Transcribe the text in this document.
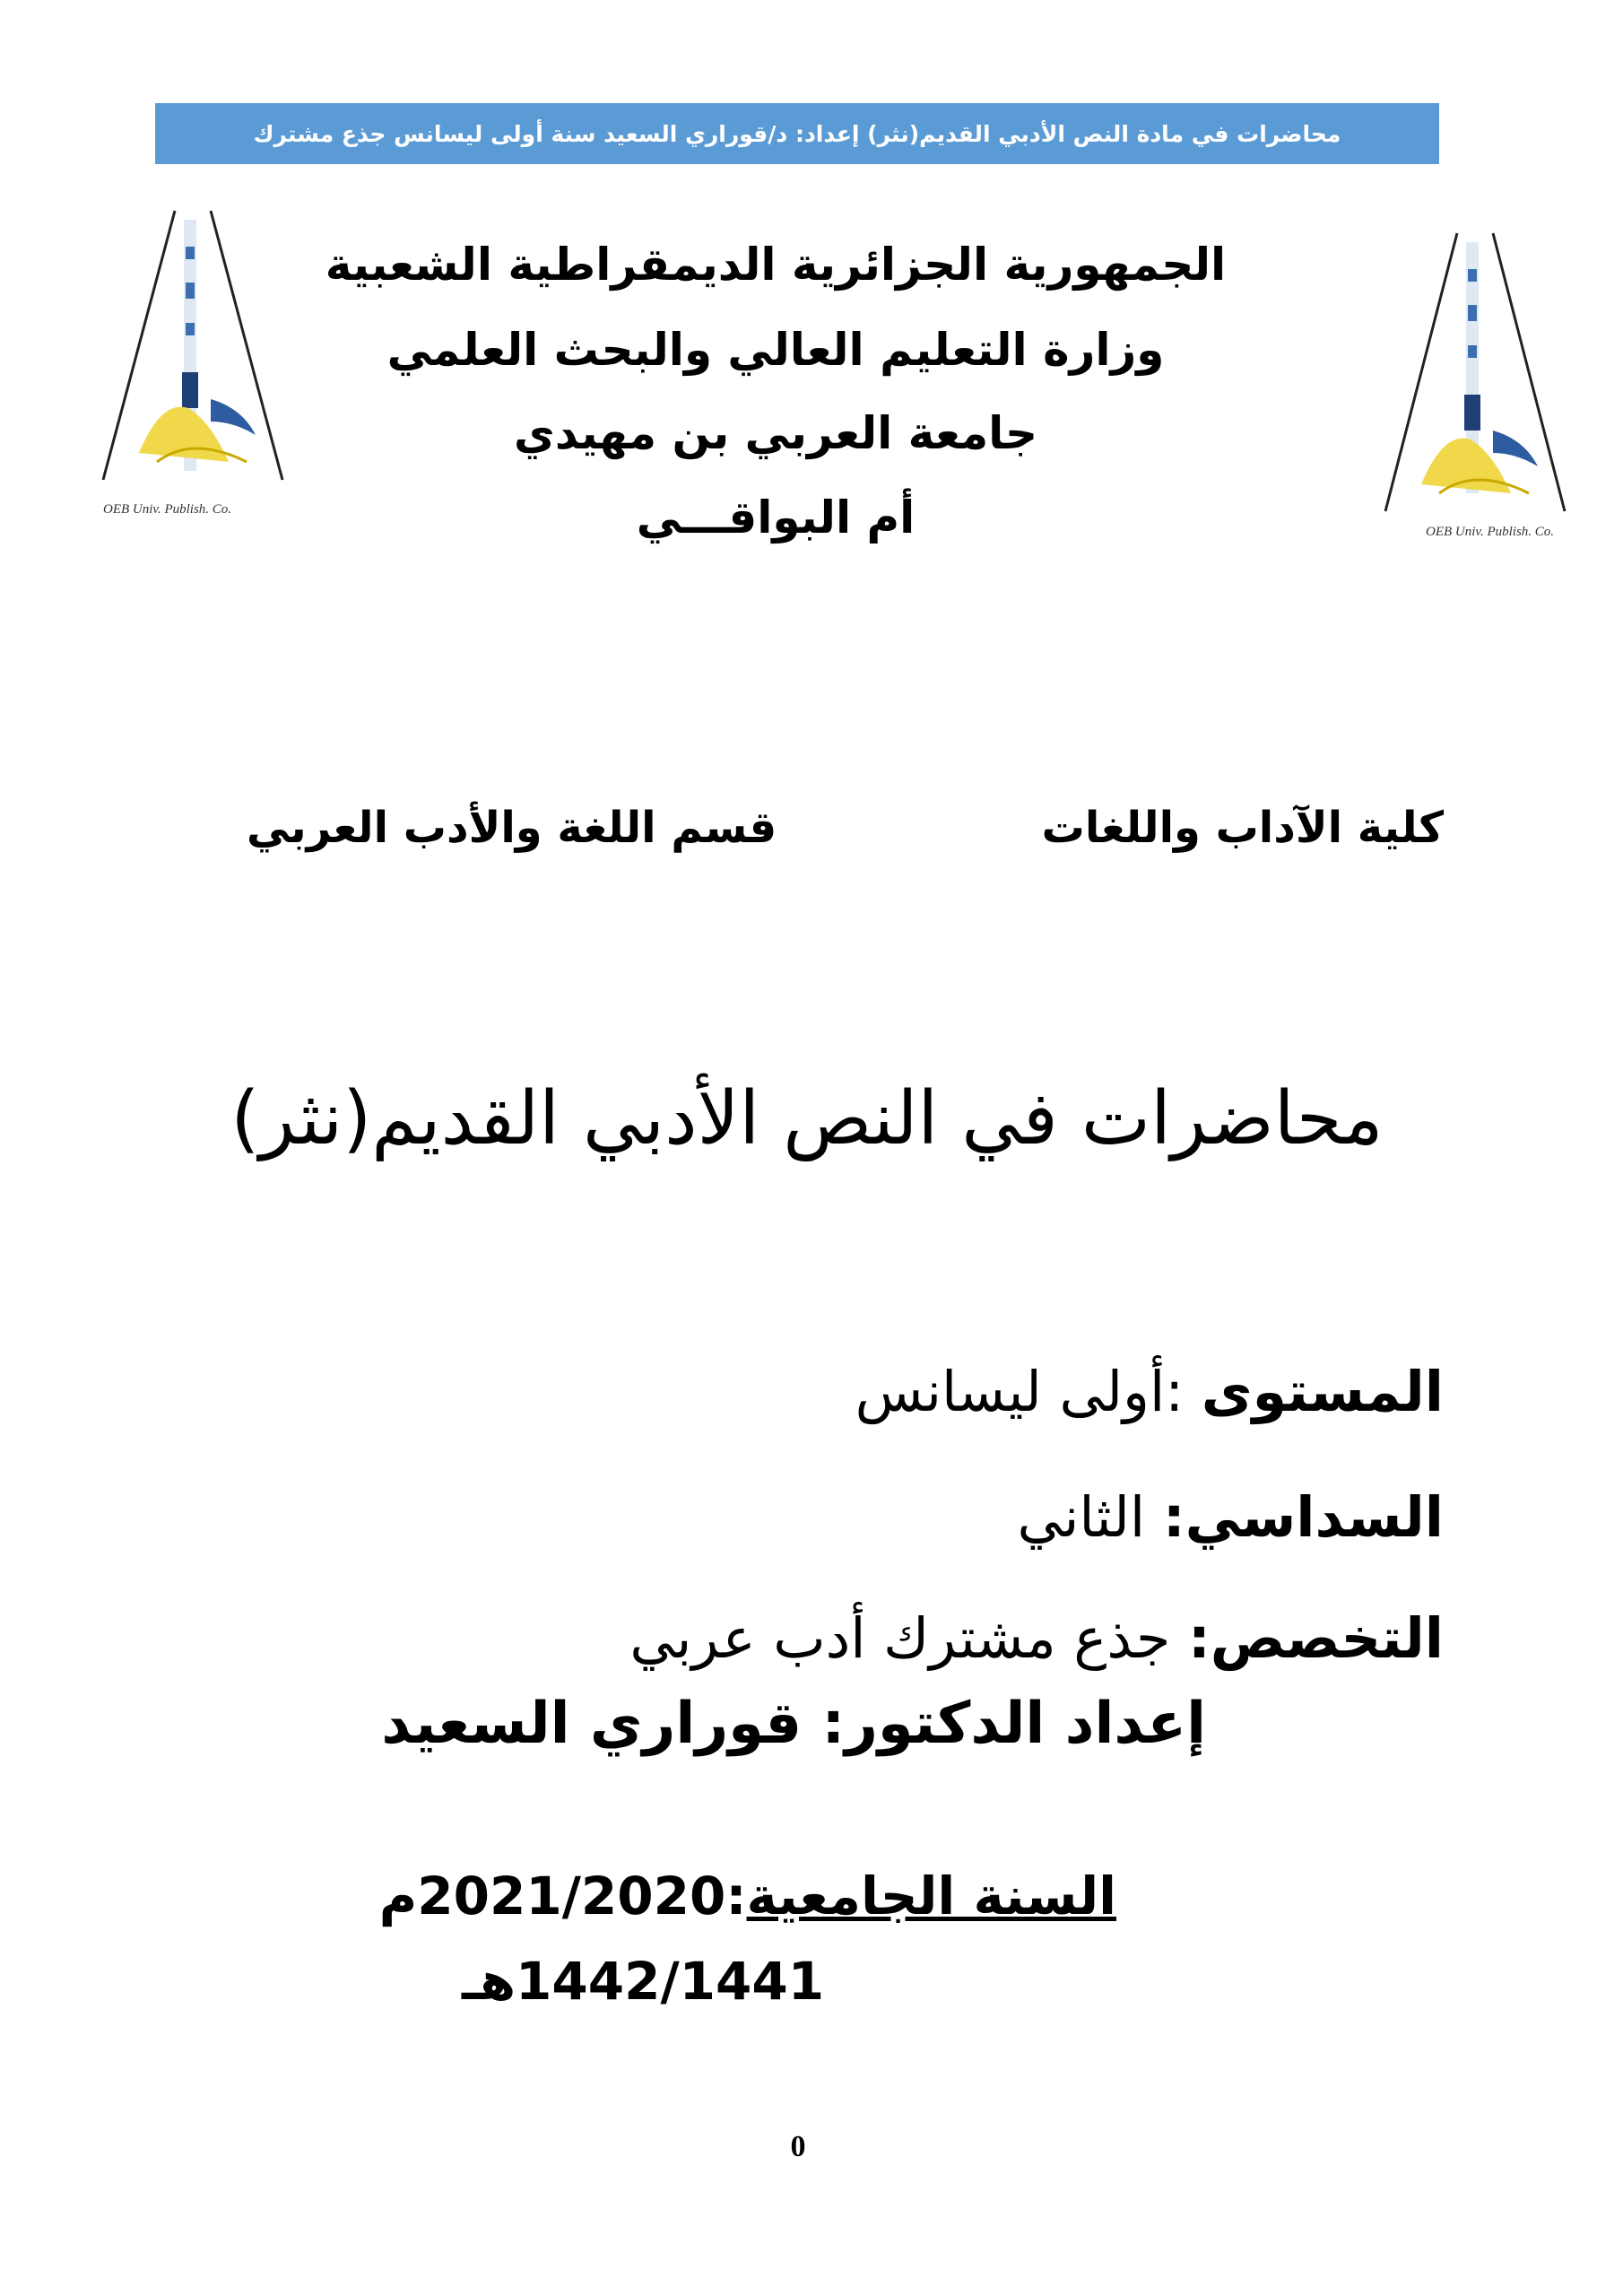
محاضرات في مادة النص الأدبي القديم(نثر) إعداد: د/قوراري السعيد سنة أولى ليسانس جذع مشترك
OEB Univ. Publish. Co.
OEB Univ. Publish. Co.
الجمهورية الجزائرية الديمقراطية الشعبية
وزارة التعليم العالي والبحث العلمي
جامعة العربي بن مهيدي
أم البواقـــي
كلية الآداب واللغات
قسم اللغة والأدب العربي
محاضرات في النص الأدبي القديم(نثر)
المستوى :أولى ليسانس
السداسي: الثاني
التخصص: جذع مشترك أدب عربي
إعداد الدكتور: قوراري السعيد
السنة الجامعية:2021/2020م
1442/1441هـ
0
